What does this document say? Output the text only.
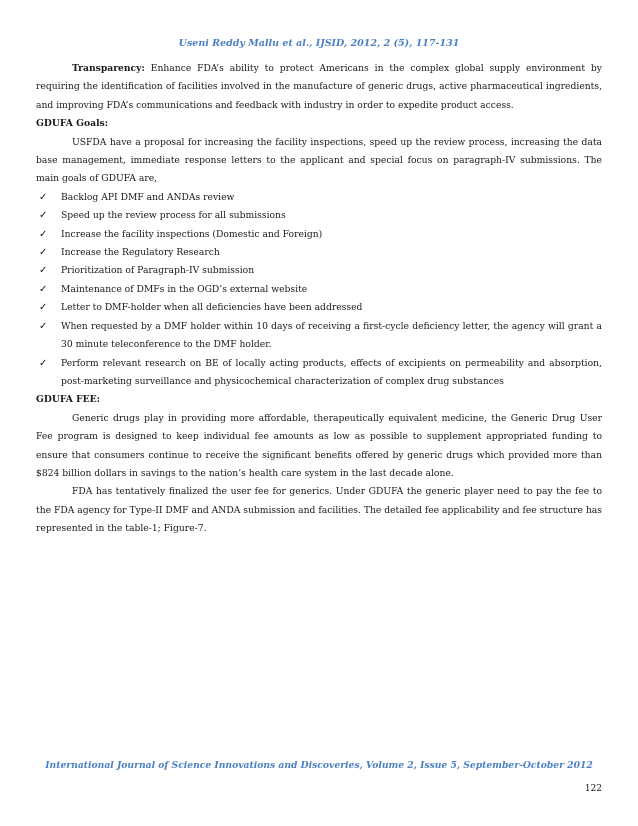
Useni Reddy Mallu et al., IJSID, 2012, 2 (5), 117-131

Transparency: Enhance FDA’s ability to protect Americans in the complex global supply environment by requiring the identification of facilities involved in the manufacture of generic drugs, active pharmaceutical ingredients, and improving FDA’s communications and feedback with industry in order to expedite product access.

GDUFA Goals:

USFDA have a proposal for increasing the facility inspections, speed up the review process, increasing the data base management, immediate response letters to the applicant and special focus on paragraph-IV submissions. The main goals of GDUFA are,

✓ Backlog API DMF and ANDAs review
✓ Speed up the review process for all submissions
✓ Increase the facility inspections (Domestic and Foreign)
✓ Increase the Regulatory Research
✓ Prioritization of Paragraph-IV submission
✓ Maintenance of DMFs in the OGD’s external website
✓ Letter to DMF-holder when all deficiencies have been addressed
✓ When requested by a DMF holder within 10 days of receiving a first-cycle deficiency letter, the agency will grant a 30 minute teleconference to the DMF holder.
✓ Perform relevant research on BE of locally acting products, effects of excipients on permeability and absorption, post-marketing surveillance and physicochemical characterization of complex drug substances

GDUFA FEE:

Generic drugs play in providing more affordable, therapeutically equivalent medicine, the Generic Drug User Fee program is designed to keep individual fee amounts as low as possible to supplement appropriated funding to ensure that consumers continue to receive the significant benefits offered by generic drugs which provided more than $824 billion dollars in savings to the nation’s health care system in the last decade alone.

FDA has tentatively finalized the user fee for generics. Under GDUFA the generic player need to pay the fee to the FDA agency for Type-II DMF and ANDA submission and facilities. The detailed fee applicability and fee structure has represented in the table-1; Figure-7.

International Journal of Science Innovations and Discoveries, Volume 2, Issue 5, September-October 2012
122
